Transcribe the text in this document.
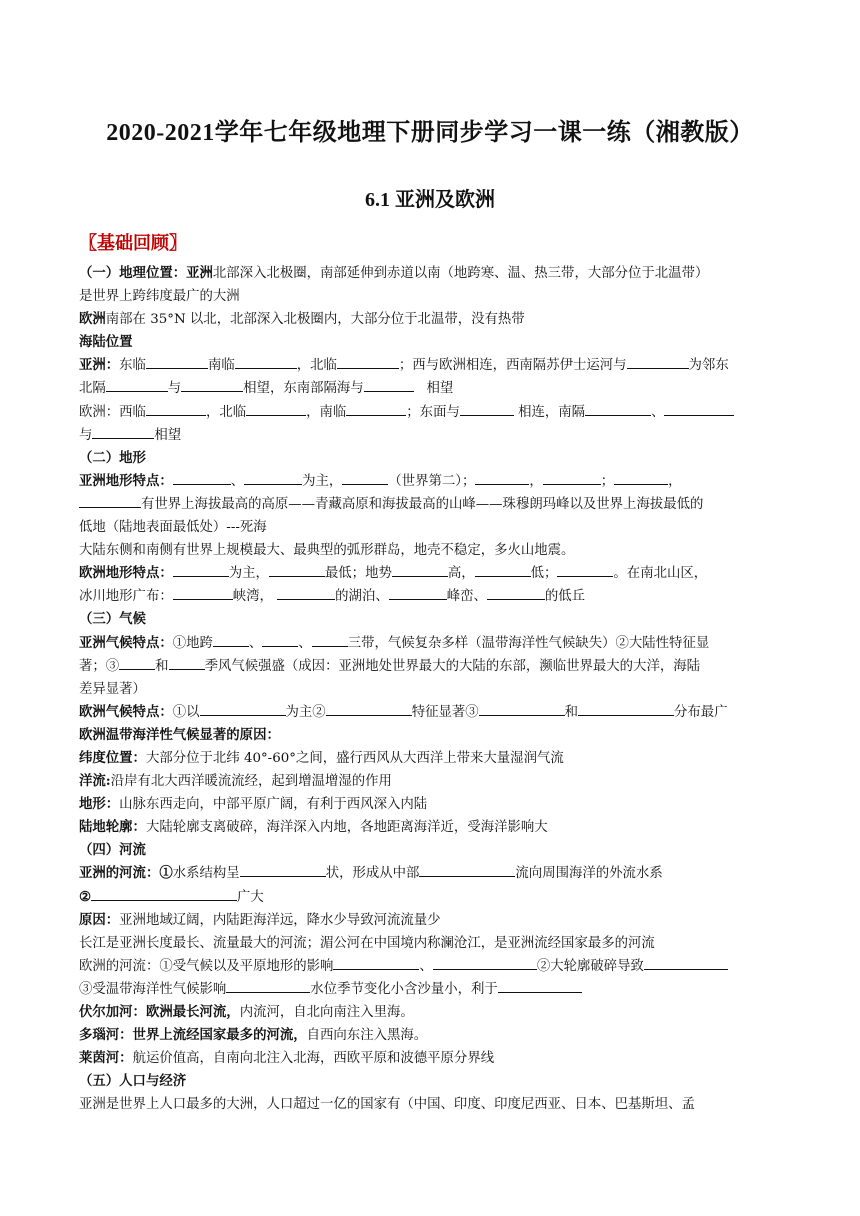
2020-2021学年七年级地理下册同步学习一课一练（湘教版）
6.1 亚洲及欧洲
〖基础回顾〗
（一）地理位置：亚洲北部深入北极圈，南部延伸到赤道以南（地跨寒、温、热三带，大部分位于北温带）
是世界上跨纬度最广的大洲
欧洲南部在 35°N 以北，北部深入北极圈内，大部分位于北温带，没有热带
海陆位置
亚洲：东临	南临	，北临	；西与欧洲相连，西南隔苏伊士运河与	为邻东
北隔	与	相望，东南部隔海与	相望
欧洲：西临	，北临	，南临	；东面与	相连，南隔	、
与	相望
（二）地形
亚洲地形特点：	、	为主，	（世界第二）；	，	；	，
有世界上海拔最高的高原——青藏高原和海拔最高的山峰——珠穆朗玛峰以及世界上海拔最低的
低地（陆地表面最低处）---死海
大陆东侧和南侧有世界上规模最大、最典型的弧形群岛，地壳不稳定，多火山地震。
欧洲地形特点：	为主，	最低；地势	高，	低；	。在南北山区，
冰川地形广布：	峡湾，	的湖泊、	峰峦、	的低丘
（三）气候
亚洲气候特点：①地跨	、	、	三带，气候复杂多样（温带海洋性气候缺失）②大陆性特征显
著；③	和	季风气候强盛（成因：亚洲地处世界最大的大陆的东部，濒临世界最大的大洋，海陆
差异显著）
欧洲气候特点：①以	为主②	特征显著③	和	分布最广
欧洲温带海洋性气候显著的原因：
纬度位置：大部分位于北纬 40°-60°之间，盛行西风从大西洋上带来大量湿润气流
洋流:沿岸有北大西洋暖流流经，起到增温增湿的作用
地形：山脉东西走向，中部平原广阔，有利于西风深入内陆
陆地轮廓：大陆轮廓支离破碎，海洋深入内地，各地距离海洋近，受海洋影响大
（四）河流
亚洲的河流：①水系结构呈	状，形成从中部	流向周围海洋的外流水系
②	广大
原因：亚洲地域辽阔，内陆距海洋远，降水少导致河流流量少
长江是亚洲长度最长、流量最大的河流；湄公河在中国境内称澜沧江，是亚洲流经国家最多的河流
欧洲的河流：①受气候以及平原地形的影响	、	②大轮廓破碎导致
③受温带海洋性气候影响	水位季节变化小含沙量小，利于
伏尔加河：欧洲最长河流，内流河，自北向南注入里海。
多瑙河：世界上流经国家最多的河流，自西向东注入黑海。
莱茵河：航运价值高，自南向北注入北海，西欧平原和波德平原分界线
（五）人口与经济
亚洲是世界上人口最多的大洲，人口超过一亿的国家有（中国、印度、印度尼西亚、日本、巴基斯坦、孟
